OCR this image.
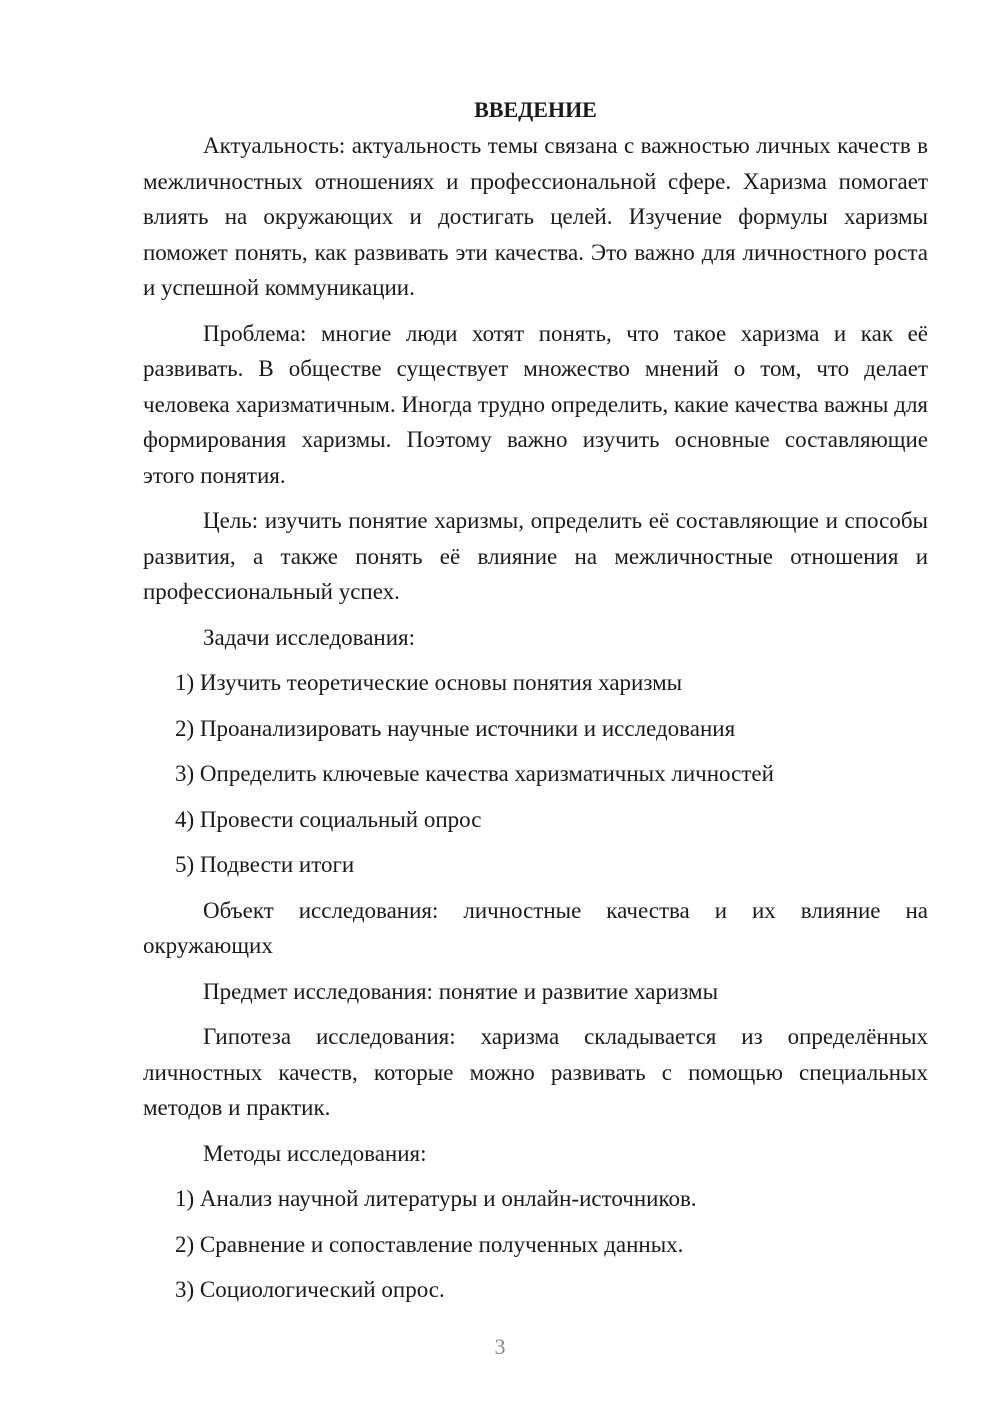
ВВЕДЕНИЕ

Актуальность: актуальность темы связана с важностью личных качеств в межличностных отношениях и профессиональной сфере. Харизма помогает влиять на окружающих и достигать целей. Изучение формулы харизмы поможет понять, как развивать эти качества. Это важно для личностного роста и успешной коммуникации.

Проблема: многие люди хотят понять, что такое харизма и как её развивать. В обществе существует множество мнений о том, что делает человека харизматичным. Иногда трудно определить, какие качества важны для формирования харизмы. Поэтому важно изучить основные составляющие этого понятия.

Цель: изучить понятие харизмы, определить её составляющие и способы развития, а также понять её влияние на межличностные отношения и профессиональный успех.

Задачи исследования:

1) Изучить теоретические основы понятия харизмы

2) Проанализировать научные источники и исследования

3) Определить ключевые качества харизматичных личностей

4) Провести социальный опрос

5) Подвести итоги

Объект исследования: личностные качества и их влияние на окружающих

Предмет исследования: понятие и развитие харизмы

Гипотеза исследования: харизма складывается из определённых личностных качеств, которые можно развивать с помощью специальных методов и практик.

Методы исследования:

1) Анализ научной литературы и онлайн-источников.

2) Сравнение и сопоставление полученных данных.

3) Социологический опрос.

3
